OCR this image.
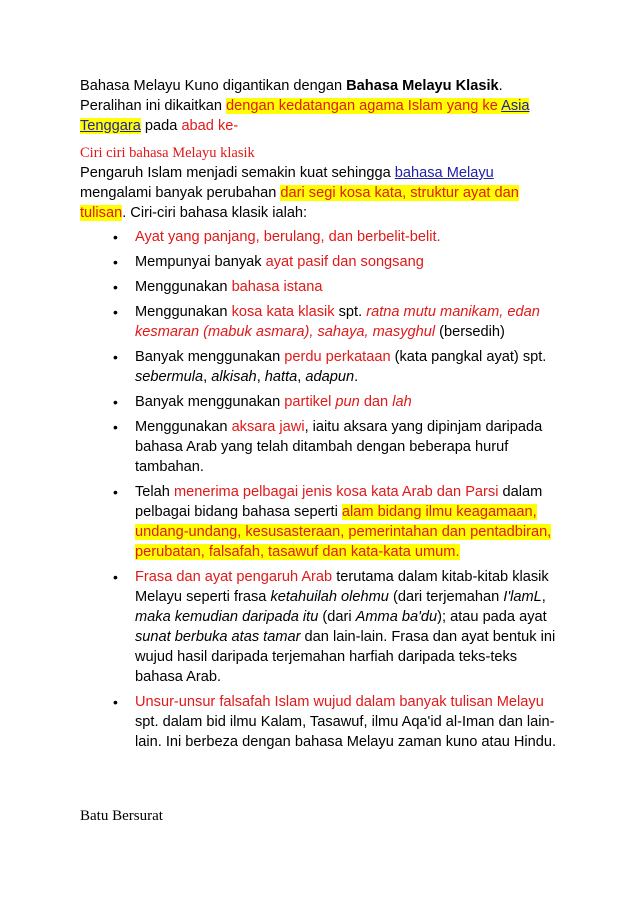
Bahasa Melayu Kuno digantikan dengan Bahasa Melayu Klasik. Peralihan ini dikaitkan dengan kedatangan agama Islam yang ke Asia Tenggara pada abad ke-

Ciri ciri bahasa Melayu klasik

Pengaruh Islam menjadi semakin kuat sehingga bahasa Melayu mengalami banyak perubahan dari segi kosa kata, struktur ayat dan tulisan. Ciri-ciri bahasa klasik ialah:

• Ayat yang panjang, berulang, dan berbelit-belit.
• Mempunyai banyak ayat pasif dan songsang
• Menggunakan bahasa istana
• Menggunakan kosa kata klasik spt. ratna mutu manikam, edan kesmaran (mabuk asmara), sahaya, masyghul (bersedih)
• Banyak menggunakan perdu perkataan (kata pangkal ayat) spt. sebermula, alkisah, hatta, adapun.
• Banyak menggunakan partikel pun dan lah
• Menggunakan aksara jawi, iaitu aksara yang dipinjam daripada bahasa Arab yang telah ditambah dengan beberapa huruf tambahan.
• Telah menerima pelbagai jenis kosa kata Arab dan Parsi dalam pelbagai bidang bahasa seperti alam bidang ilmu keagamaan, undang-undang, kesusasteraan, pemerintahan dan pentadbiran, perubatan, falsafah, tasawuf dan kata-kata umum.
• Frasa dan ayat pengaruh Arab terutama dalam kitab-kitab klasik Melayu seperti frasa ketahuilah olehmu (dari terjemahan I'lamL, maka kemudian daripada itu (dari Amma ba'du); atau pada ayat sunat berbuka atas tamar dan lain-lain. Frasa dan ayat bentuk ini wujud hasil daripada terjemahan harfiah daripada teks-teks bahasa Arab.
• Unsur-unsur falsafah Islam wujud dalam banyak tulisan Melayu spt. dalam bid ilmu Kalam, Tasawuf, ilmu Aqa'id al-Iman dan lain-lain. Ini berbeza dengan bahasa Melayu zaman kuno atau Hindu.

Batu Bersurat
